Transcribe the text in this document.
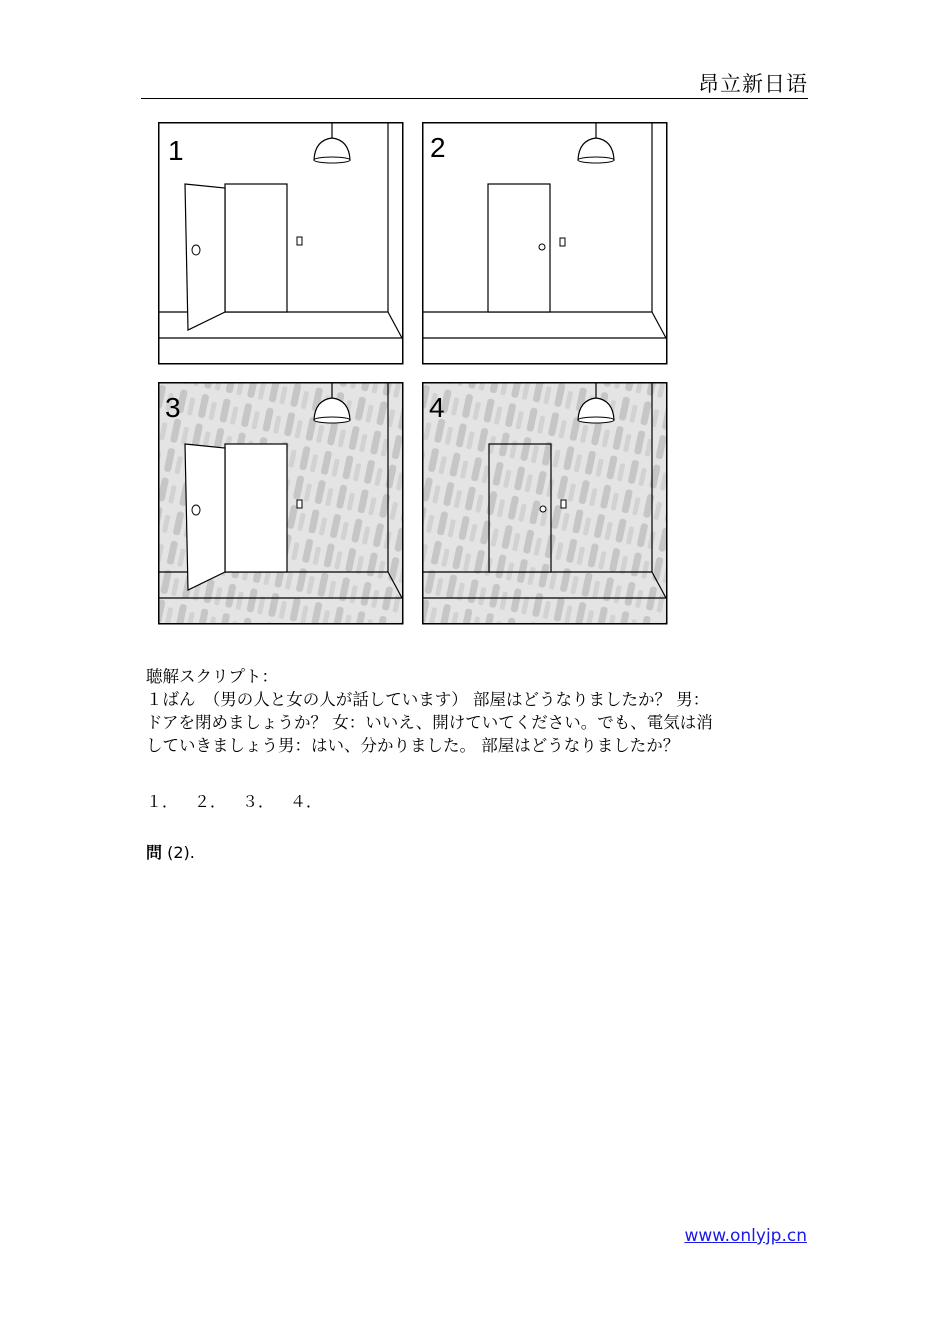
昂立新日语
1	2
3	4

聴解スクリプト：

１ばん　（男の人と女の人が話しています） 部屋はどうなりましたか？ 男：

ドアを閉めましょうか？ 女：いいえ、開けていてください。でも、電気は消

していきましょう男：はい、分かりました。 部屋はどうなりましたか？

１． ２． ３． ４．
問 (2).
www.onlyjp.cn
